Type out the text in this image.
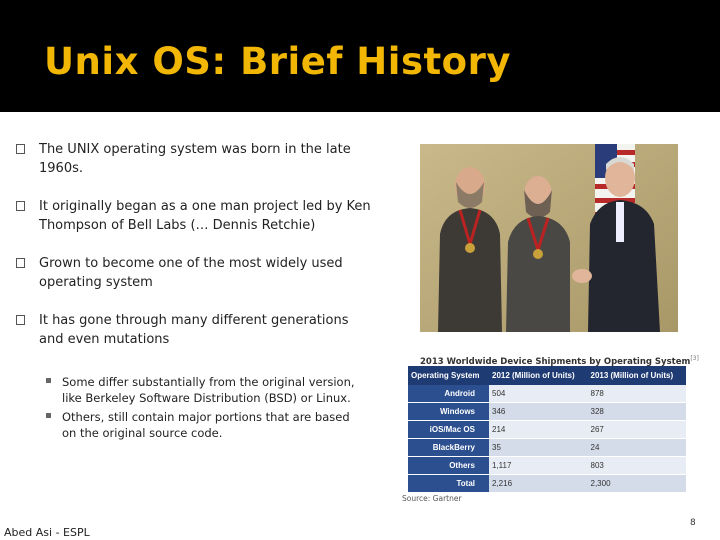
Unix OS: Brief History
The UNIX operating system was born in the late 1960s.
It originally began as a one man project led by Ken Thompson of Bell Labs (… Dennis Retchie)
Grown to become one of the most widely used operating system
It has gone through many different generations and even mutations
Some differ substantially from the original version, like Berkeley Software Distribution (BSD) or Linux.
Others, still contain major portions that are based on the original source code.
2013 Worldwide Device Shipments by Operating System[3]
Operating System	2012 (Million of Units)	2013 (Million of Units)
Android	504	878
Windows	346	328
iOS/Mac OS	214	267
BlackBerry	35	24
Others	1,117	803
Total	2,216	2,300
Source: Gartner
Abed Asi - ESPL
8
